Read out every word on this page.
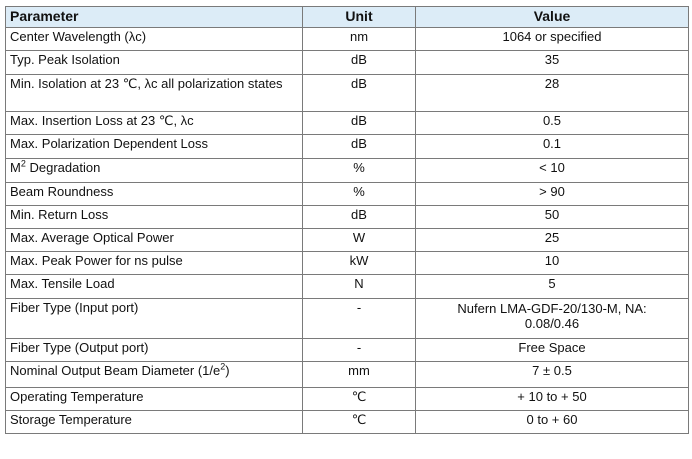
Parameter	Unit	Value
Center Wavelength (λc)	nm	1064 or specified
Typ. Peak Isolation	dB	35
Min. Isolation at 23 ℃, λc all polarization states	dB	28
Max. Insertion Loss at 23 ℃, λc	dB	0.5
Max. Polarization Dependent Loss	dB	0.1
$M^2$ Degradation	%	< 10
Beam Roundness	%	> 90
Min. Return Loss	dB	50
Max. Average Optical Power	W	25
Max. Peak Power for ns pulse	kW	10
Max. Tensile Load	N	5
Fiber Type (Input port)	-	Nufern LMA-GDF-20/130-M, NA: 0.08/0.46
Fiber Type (Output port)	-	Free Space
Nominal Output Beam Diameter $(1/e^2)$	mm	7 ± 0.5
Operating Temperature	℃	+ 10 to + 50
Storage Temperature	℃	0 to + 60
